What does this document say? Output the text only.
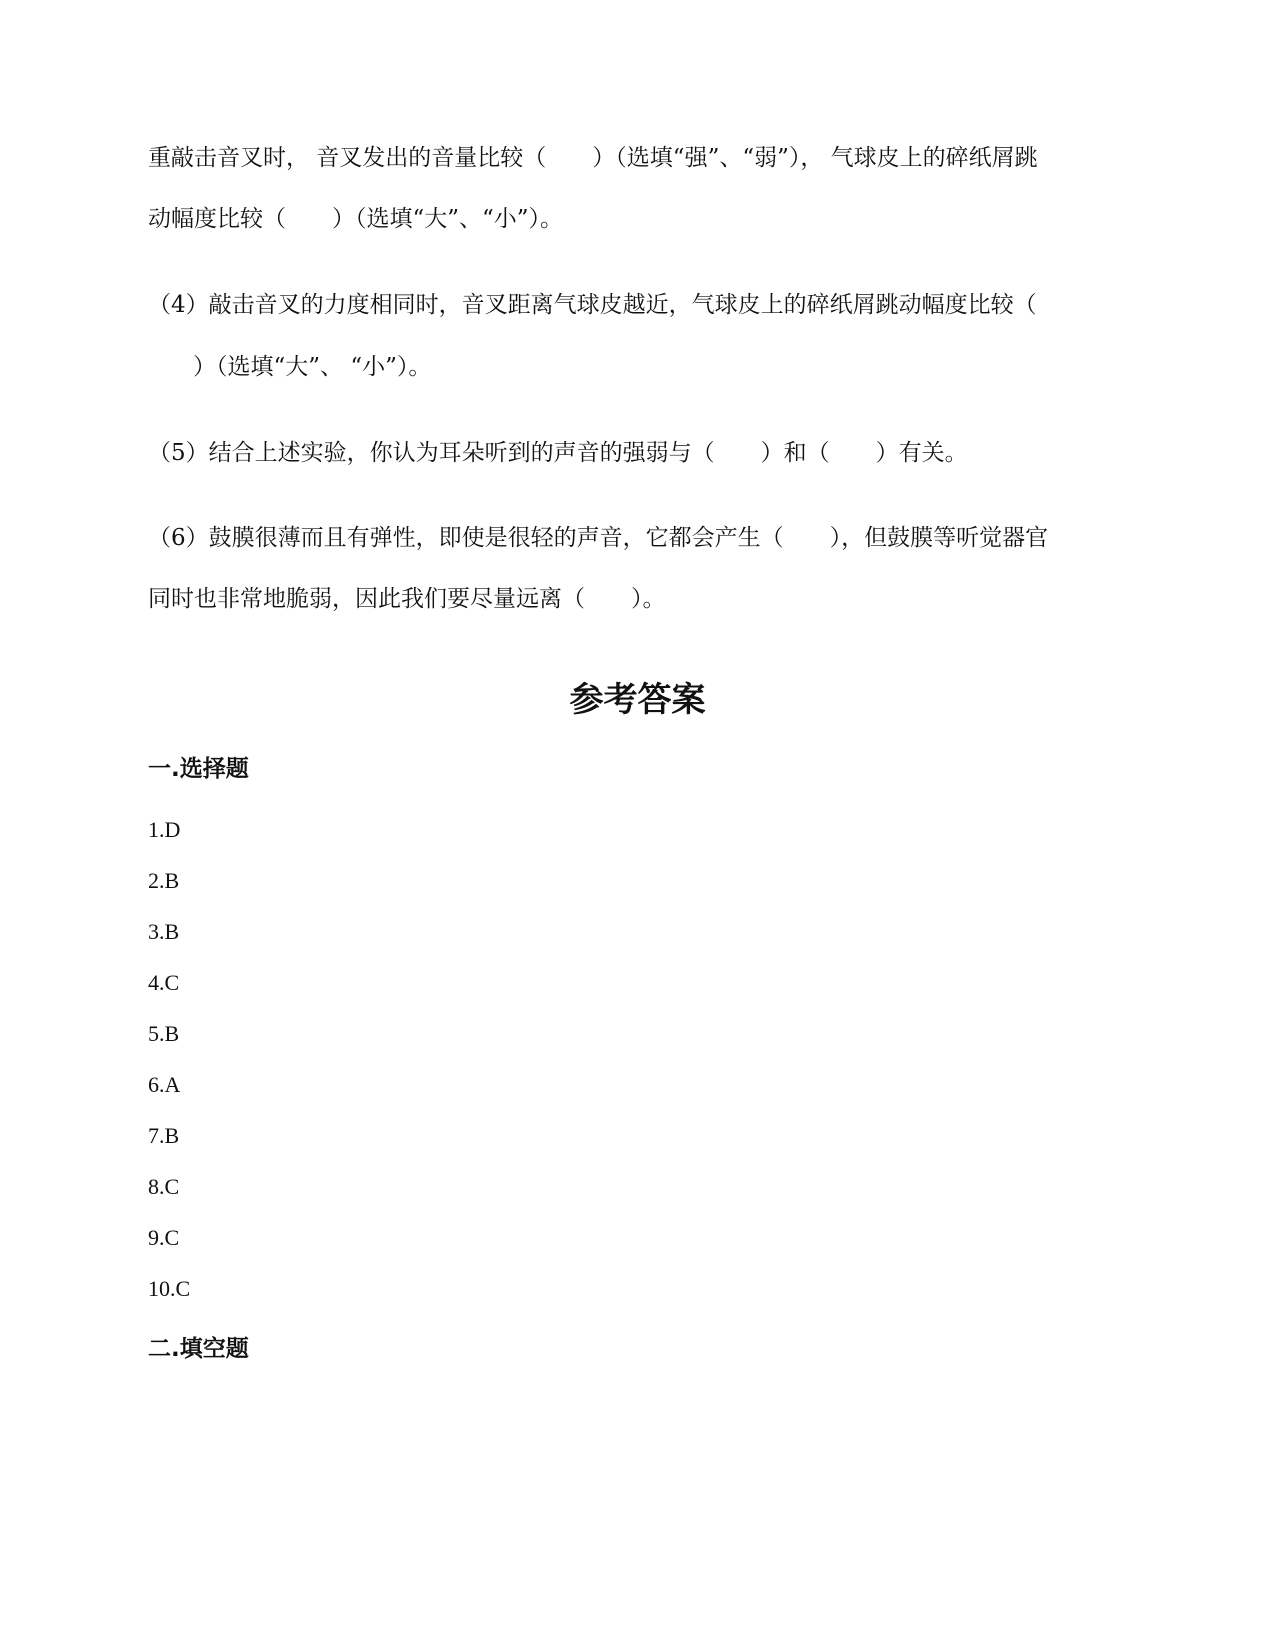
重敲击音叉时， 音叉发出的音量比较（　　）（选填“强”、“弱”）， 气球皮上的碎纸屑跳
动幅度比较（　　）（选填“大”、“小”）。
（4）敲击音叉的力度相同时，音叉距离气球皮越近，气球皮上的碎纸屑跳动幅度比较（
　）（选填“大”、 “小”）。
（5）结合上述实验，你认为耳朵听到的声音的强弱与（　　）和（　　）有关。
（6）鼓膜很薄而且有弹性，即使是很轻的声音，它都会产生（　　），但鼓膜等听觉器官
同时也非常地脆弱，因此我们要尽量远离（　　）。
参考答案
一.选择题
1.D
2.B
3.B
4.C
5.B
6.A
7.B
8.C
9.C
10.C
二.填空题
